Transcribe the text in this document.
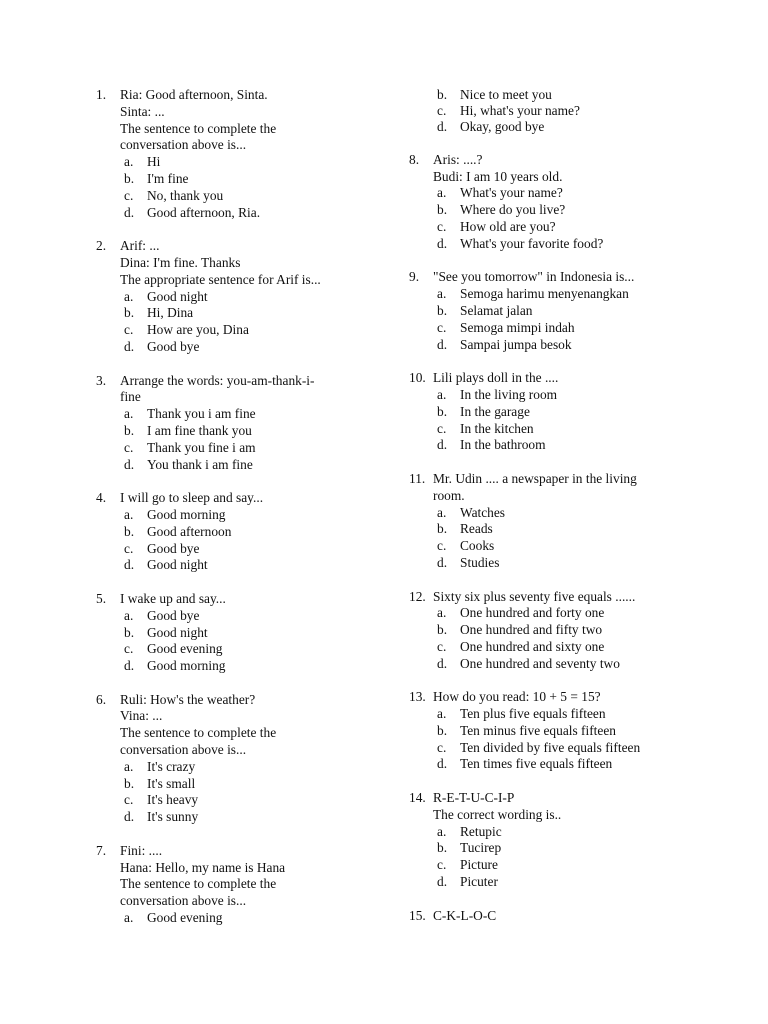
1. Ria: Good afternoon, Sinta.
Sinta: ...
The sentence to complete the
conversation above is...
a. Hi
b. I'm fine
c. No, thank you
d. Good afternoon, Ria.
2. Arif: ...
Dina: I'm fine. Thanks
The appropriate sentence for Arif is...
a. Good night
b. Hi, Dina
c. How are you, Dina
d. Good bye
3. Arrange the words: you-am-thank-i-
fine
a. Thank you i am fine
b. I am fine thank you
c. Thank you fine i am
d. You thank i am fine
4. I will go to sleep and say...
a. Good morning
b. Good afternoon
c. Good bye
d. Good night
5. I wake up and say...
a. Good bye
b. Good night
c. Good evening
d. Good morning
6. Ruli: How's the weather?
Vina: ...
The sentence to complete the
conversation above is...
a. It's crazy
b. It's small
c. It's heavy
d. It's sunny
7. Fini: ....
Hana: Hello, my name is Hana
The sentence to complete the
conversation above is...
a. Good evening
b. Nice to meet you
c. Hi, what's your name?
d. Okay, good bye
8. Aris: ....?
Budi: I am 10 years old.
a. What's your name?
b. Where do you live?
c. How old are you?
d. What's your favorite food?
9. "See you tomorrow" in Indonesia is...
a. Semoga harimu menyenangkan
b. Selamat jalan
c. Semoga mimpi indah
d. Sampai jumpa besok
10. Lili plays doll in the ....
a. In the living room
b. In the garage
c. In the kitchen
d. In the bathroom
11. Mr. Udin .... a newspaper in the living
room.
a. Watches
b. Reads
c. Cooks
d. Studies
12. Sixty six plus seventy five equals ......
a. One hundred and forty one
b. One hundred and fifty two
c. One hundred and sixty one
d. One hundred and seventy two
13. How do you read: 10 + 5 = 15?
a. Ten plus five equals fifteen
b. Ten minus five equals fifteen
c. Ten divided by five equals fifteen
d. Ten times five equals fifteen
14. R-E-T-U-C-I-P
The correct wording is..
a. Retupic
b. Tucirep
c. Picture
d. Picuter
15. C-K-L-O-C
